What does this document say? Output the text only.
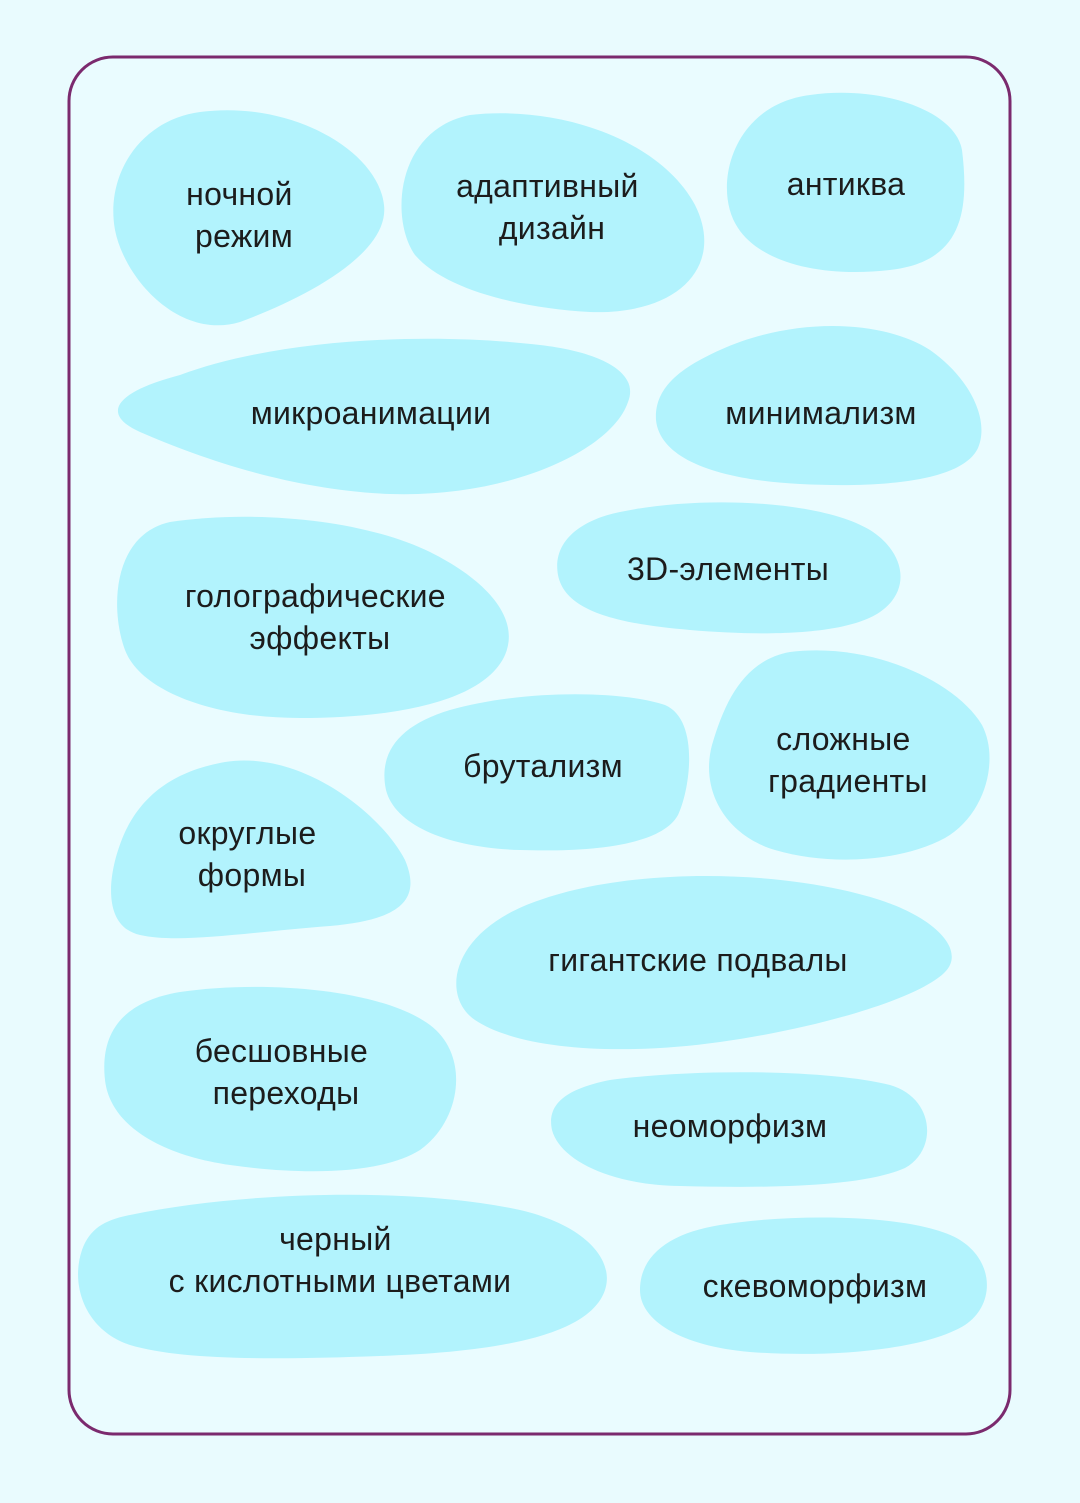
ночной режим
адаптивный дизайн
антиква
микроанимации	минимализм
3D-элементы
голографические эффекты
брутализм
сложные градиенты
округлые формы
гигантские подвалы
бесшовные переходы
неоморфизм
черный с кислотными цветами	скевоморфизм
